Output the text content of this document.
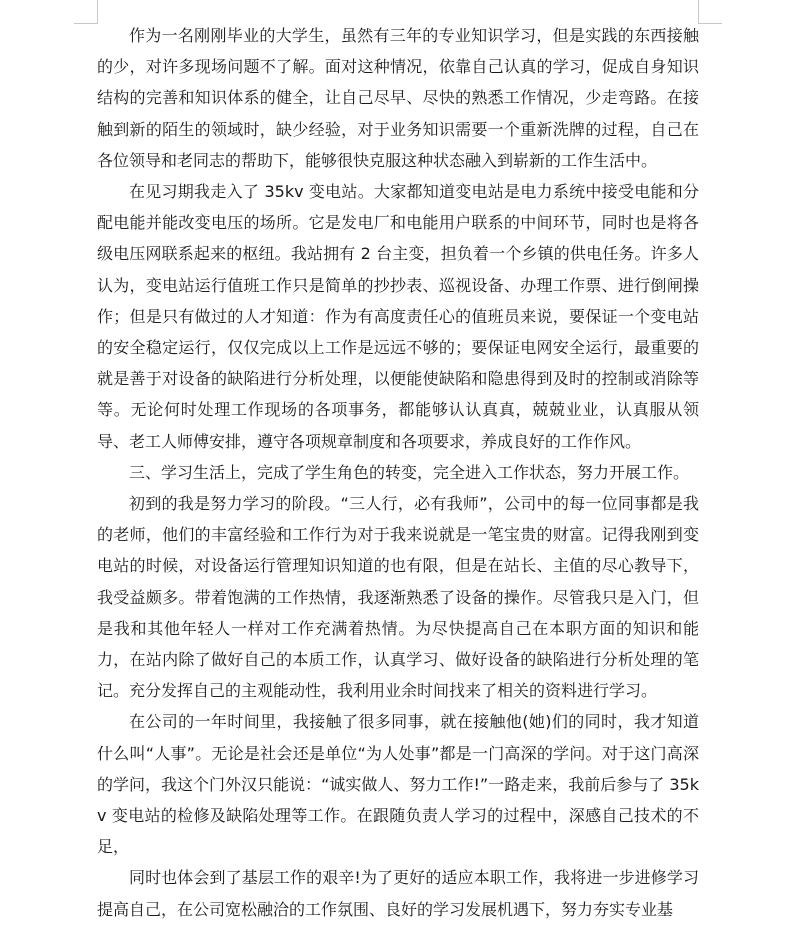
作为一名刚刚毕业的大学生，虽然有三年的专业知识学习，但是实践的东西接触的少，对许多现场问题不了解。面对这种情况，依靠自己认真的学习，促成自身知识结构的完善和知识体系的健全，让自己尽早、尽快的熟悉工作情况，少走弯路。在接触到新的陌生的领域时，缺少经验，对于业务知识需要一个重新洗牌的过程，自己在各位领导和老同志的帮助下，能够很快克服这种状态融入到崭新的工作生活中。

在见习期我走入了 35kv 变电站。大家都知道变电站是电力系统中接受电能和分配电能并能改变电压的场所。它是发电厂和电能用户联系的中间环节，同时也是将各级电压网联系起来的枢纽。我站拥有 2 台主变，担负着一个乡镇的供电任务。许多人认为，变电站运行值班工作只是简单的抄抄表、巡视设备、办理工作票、进行倒闸操作；但是只有做过的人才知道：作为有高度责任心的值班员来说，要保证一个变电站的安全稳定运行，仅仅完成以上工作是远远不够的；要保证电网安全运行，最重要的就是善于对设备的缺陷进行分析处理，以便能使缺陷和隐患得到及时的控制或消除等等。无论何时处理工作现场的各项事务，都能够认认真真，兢兢业业，认真服从领导、老工人师傅安排，遵守各项规章制度和各项要求，养成良好的工作作风。

三、学习生活上，完成了学生角色的转变，完全进入工作状态，努力开展工作。

初到的我是努力学习的阶段。“三人行，必有我师”，公司中的每一位同事都是我的老师，他们的丰富经验和工作行为对于我来说就是一笔宝贵的财富。记得我刚到变电站的时候，对设备运行管理知识知道的也有限，但是在站长、主值的尽心教导下，我受益颇多。带着饱满的工作热情，我逐渐熟悉了设备的操作。尽管我只是入门，但是我和其他年轻人一样对工作充满着热情。为尽快提高自己在本职方面的知识和能力，在站内除了做好自己的本质工作，认真学习、做好设备的缺陷进行分析处理的笔记。充分发挥自己的主观能动性，我利用业余时间找来了相关的资料进行学习。

在公司的一年时间里，我接触了很多同事，就在接触他(她)们的同时，我才知道什么叫“人事”。无论是社会还是单位“为人处事”都是一门高深的学问。对于这门高深的学问，我这个门外汉只能说：“诚实做人、努力工作!”一路走来，我前后参与了 35kv 变电站的检修及缺陷处理等工作。在跟随负责人学习的过程中，深感自己技术的不足，

同时也体会到了基层工作的艰辛!为了更好的适应本职工作，我将进一步进修学习提高自己，在公司宽松融洽的工作氛围、良好的学习发展机遇下，努力夯实专业基
